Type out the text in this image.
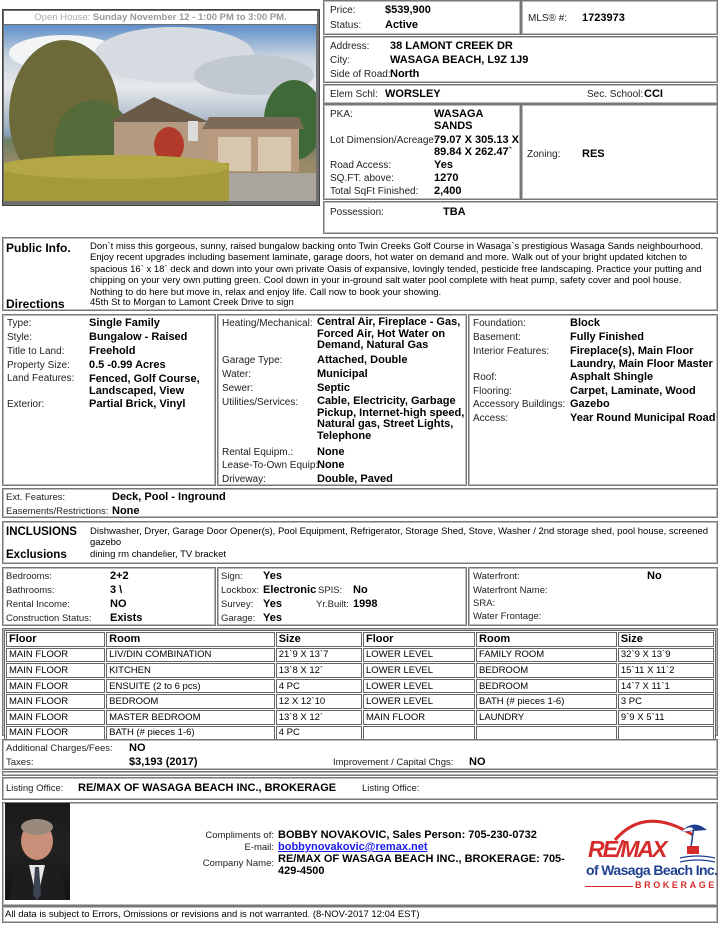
Open House: Sunday November 12 - 1:00 PM to 3:00 PM.
Price:	$539,900
Status: Active
MLS® #: 1723973
Address: 38 LAMONT CREEK DR
City:	WASAGA BEACH, L9Z 1J9
Side of Road: North
Elem Schl: WORSLEY	Sec. School: CCI
PKA:	WASAGA SANDS
Lot Dimension/Acreage:
79.07 X 305.13 X 89.84 X 262.47`
Road Access:	Yes
SQ.FT. above:	1270
Total SqFt Finished: 2,400
Zoning: RES
Possession:	TBA
Public Info. Don`t miss this gorgeous, sunny, raised bungalow backing onto Twin Creeks Golf Course in Wasaga`s prestigious Wasaga Sands neighbourhood. Enjoy recent upgrades including basement laminate, garage doors, hot water on demand and more. Walk out of your bright updated kitchen to spacious 16` x 18` deck and down into your own private Oasis of expansive, lovingly tended, pesticide free landscaping. Practice your putting and chipping on your very own putting green. Cool down in your in-ground salt water pool complete with heat pump, safety cover and pool house. Nothing to do here but move in, relax and enjoy life. Call now to book your showing.
Directions	45th St to Morgan to Lamont Creek Drive to sign
Type:	Single Family
Style:	Bungalow - Raised
Title to Land: Freehold
Property Size: 0.5 -0.99 Acres
Land Features: Fenced, Golf Course, Landscaped, View
Exterior:	Partial Brick, Vinyl
Heating/Mechanical: Central Air, Fireplace - Gas, Forced Air, Hot Water on Demand, Natural Gas
Garage Type:	Attached, Double
Water:	Municipal
Sewer:	Septic
Utilities/Services: Cable, Electricity, Garbage Pickup, Internet-high speed, Natural gas, Street Lights, Telephone
Rental Equipm.: None
Lease-To-Own Equip:
None
Driveway:	Double, Paved
Foundation:	Block
Basement:	Fully Finished
Interior Features: Fireplace(s), Main Floor Laundry, Main Floor Master
Roof:	Asphalt Shingle
Flooring:	Carpet, Laminate, Wood
Accessory Buildings: Gazebo
Access:	Year Round Municipal Road
Ext. Features:	Deck, Pool - Inground
Easements/Restrictions: None
INCLUSIONS Dishwasher, Dryer, Garage Door Opener(s), Pool Equipment, Refrigerator, Storage Shed, Stove, Washer / 2nd storage shed, pool house, screened gazebo
Exclusions dining rm chandelier, TV bracket
Bedrooms:	2+2
Bathrooms:	3 \
Rental Income:	NO
Construction Status: Exists
Sign: Yes
Lockbox: Electronic SPIS: No
Survey: Yes	Yr.Built: 1998
Garage: Yes
Waterfront:	No
Waterfront Name:
SRA:
Water Frontage:
Floor	Room	Size	Floor	Room	Size
MAIN FLOOR	LIV/DIN COMBINATION	21`9 X 13`7	LOWER LEVEL	FAMILY ROOM	32`9 X 13`9
MAIN FLOOR	KITCHEN	13`8 X 12`	LOWER LEVEL	BEDROOM	15`11 X 11`2
MAIN FLOOR	ENSUITE (2 to 6 pcs)	4 PC	LOWER LEVEL	BEDROOM	14`7 X 11`1
MAIN FLOOR	BEDROOM	12 X 12`10	LOWER LEVEL	BATH (# pieces 1-6)	3 PC
MAIN FLOOR	MASTER BEDROOM	13`8 X 12`	MAIN FLOOR	LAUNDRY	9`9 X 5`11
MAIN FLOOR	BATH (# pieces 1-6)	4 PC			
Additional Charges/Fees: NO
Taxes:	$3,193 (2017)	Improvement / Capital Chgs: NO
Listing Office: RE/MAX OF WASAGA BEACH INC., BROKERAGE	Listing Office:
Compliments of: BOBBY NOVAKOVIC, Sales Person: 705-230-0732
E-mail: bobbynovakovic@remax.net
Company Name: RE/MAX OF WASAGA BEACH INC., BROKERAGE: 705-429-4500
RE/MAX
of Wasaga Beach Inc.
BROKERAGE
All data is subject to Errors, Omissions or revisions and is not warranted. (8-NOV-2017 12:04 EST)
